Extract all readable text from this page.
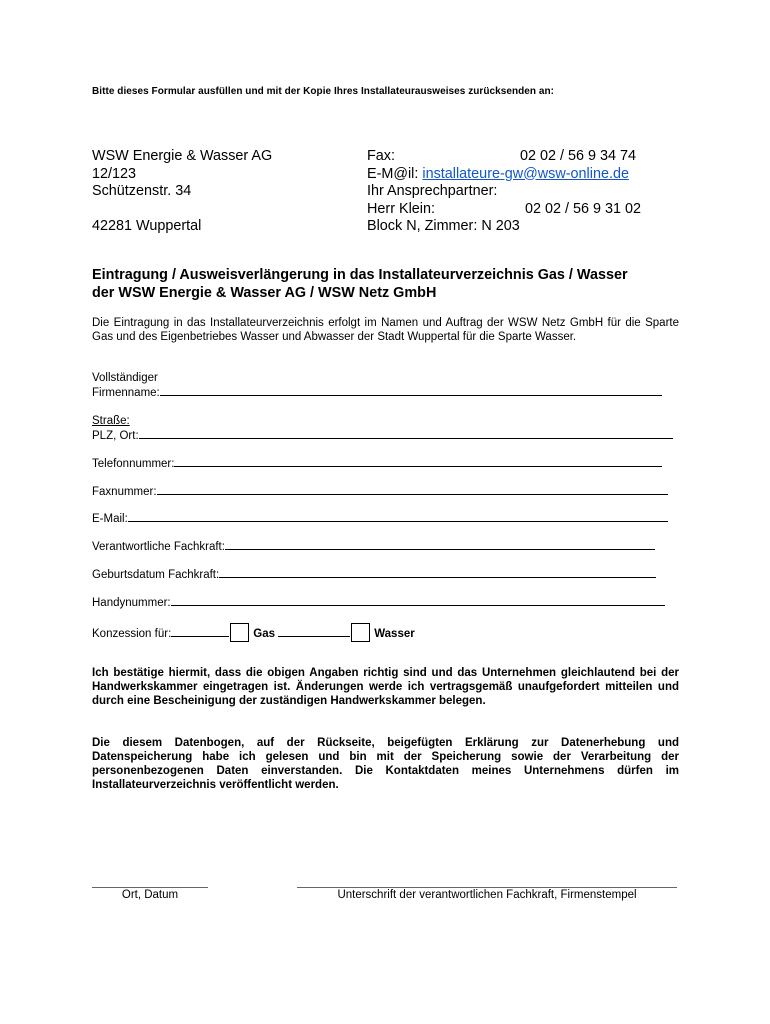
Bitte dieses Formular ausfüllen und mit der Kopie Ihres Installateurausweises zurücksenden an:
WSW Energie & Wasser AG
12/123
Schützenstr. 34
42281 Wuppertal
Fax:	02 02 / 56 9 34 74
E-M@il: installateure-gw@wsw-online.de
Ihr Ansprechpartner:
Herr Klein:	02 02 / 56 9 31 02
Block N, Zimmer: N 203
Eintragung / Ausweisverlängerung in das Installateurverzeichnis Gas / Wasser
der WSW Energie & Wasser AG / WSW Netz GmbH
Die Eintragung in das Installateurverzeichnis erfolgt im Namen und Auftrag der WSW Netz GmbH für die Sparte Gas und des Eigenbetriebes Wasser und Abwasser der Stadt Wuppertal für die Sparte Wasser.
Vollständiger
Firmenname:
Straße:
PLZ, Ort:
Telefonnummer:
Faxnummer:
E-Mail:
Verantwortliche Fachkraft:
Geburtsdatum Fachkraft:
Handynummer:
Konzession für:	Gas	Wasser
Ich bestätige hiermit, dass die obigen Angaben richtig sind und das Unternehmen gleichlautend bei der Handwerkskammer eingetragen ist. Änderungen werde ich vertragsgemäß unaufgefordert mitteilen und durch eine Bescheinigung der zuständigen Handwerkskammer belegen.
Die diesem Datenbogen, auf der Rückseite, beigefügten Erklärung zur Datenerhebung und Datenspeicherung habe ich gelesen und bin mit der Speicherung sowie der Verarbeitung der personenbezogenen Daten einverstanden. Die Kontaktdaten meines Unternehmens dürfen im Installateurverzeichnis veröffentlicht werden.
Ort, Datum	Unterschrift der verantwortlichen Fachkraft, Firmenstempel
